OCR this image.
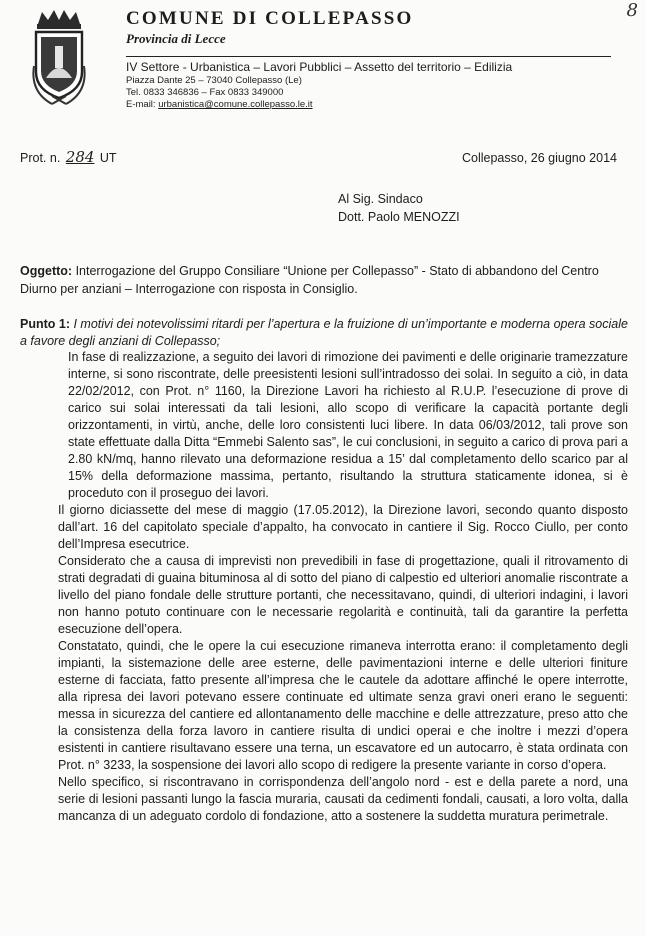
8
COMUNE DI COLLEPASSO
Provincia di Lecce
IV Settore - Urbanistica – Lavori Pubblici – Assetto del territorio – Edilizia
Piazza Dante 25 – 73040 Collepasso (Le)
Tel. 0833 346836 – Fax 0833 349000
E-mail: urbanistica@comune.collepasso.le.it
Prot. n. 284 UT	Collepasso, 26 giugno 2014
Al Sig. Sindaco
Dott. Paolo MENOZZI
Oggetto: Interrogazione del Gruppo Consiliare “Unione per Collepasso” - Stato di abbandono del Centro Diurno per anziani – Interrogazione con risposta in Consiglio.
Punto 1: I motivi dei notevolissimi ritardi per l’apertura e la fruizione di un’importante e moderna opera sociale a favore degli anziani di Collepasso;

In fase di realizzazione, a seguito dei lavori di rimozione dei pavimenti e delle originarie tramezzature interne, si sono riscontrate, delle preesistenti lesioni sull’intradosso dei solai. In seguito a ciò, in data 22/02/2012, con Prot. n° 1160, la Direzione Lavori ha richiesto al R.U.P. l’esecuzione di prove di carico sui solai interessati da tali lesioni, allo scopo di verificare la capacità portante degli orizzontamenti, in virtù, anche, delle loro consistenti luci libere. In data 06/03/2012, tali prove son state effettuate dalla Ditta “Emmebi Salento sas”, le cui conclusioni, in seguito a carico di prova pari a 2.80 kN/mq, hanno rilevato una deformazione residua a 15’ dal completamento dello scarico par al 15% della deformazione massima, pertanto, risultando la struttura staticamente idonea, si è proceduto con il proseguo dei lavori.

Il giorno diciassette del mese di maggio (17.05.2012), la Direzione lavori, secondo quanto disposto dall’art. 16 del capitolato speciale d’appalto, ha convocato in cantiere il Sig. Rocco Ciullo, per conto dell’Impresa esecutrice.

Considerato che a causa di imprevisti non prevedibili in fase di progettazione, quali il ritrovamento di strati degradati di guaina bituminosa al di sotto del piano di calpestio ed ulteriori anomalie riscontrate a livello del piano fondale delle strutture portanti, che necessitavano, quindi, di ulteriori indagini, i lavori non hanno potuto continuare con le necessarie regolarità e continuità, tali da garantire la perfetta esecuzione dell’opera.

Constatato, quindi, che le opere la cui esecuzione rimaneva interrotta erano: il completamento degli impianti, la sistemazione delle aree esterne, delle pavimentazioni interne e delle ulteriori finiture esterne di facciata, fatto presente all’impresa che le cautele da adottare affinché le opere interrotte, alla ripresa dei lavori potevano essere continuate ed ultimate senza gravi oneri erano le seguenti: messa in sicurezza del cantiere ed allontanamento delle macchine e delle attrezzature, preso atto che la consistenza della forza lavoro in cantiere risulta di undici operai e che inoltre i mezzi d’opera esistenti in cantiere risultavano essere una terna, un escavatore ed un autocarro, è stata ordinata con Prot. n° 3233, la sospensione dei lavori allo scopo di redigere la presente variante in corso d’opera.

Nello specifico, si riscontravano in corrispondenza dell’angolo nord - est e della parete a nord, una serie di lesioni passanti lungo la fascia muraria, causati da cedimenti fondali, causati, a loro volta, dalla mancanza di un adeguato cordolo di fondazione, atto a sostenere la suddetta muratura perimetrale.
